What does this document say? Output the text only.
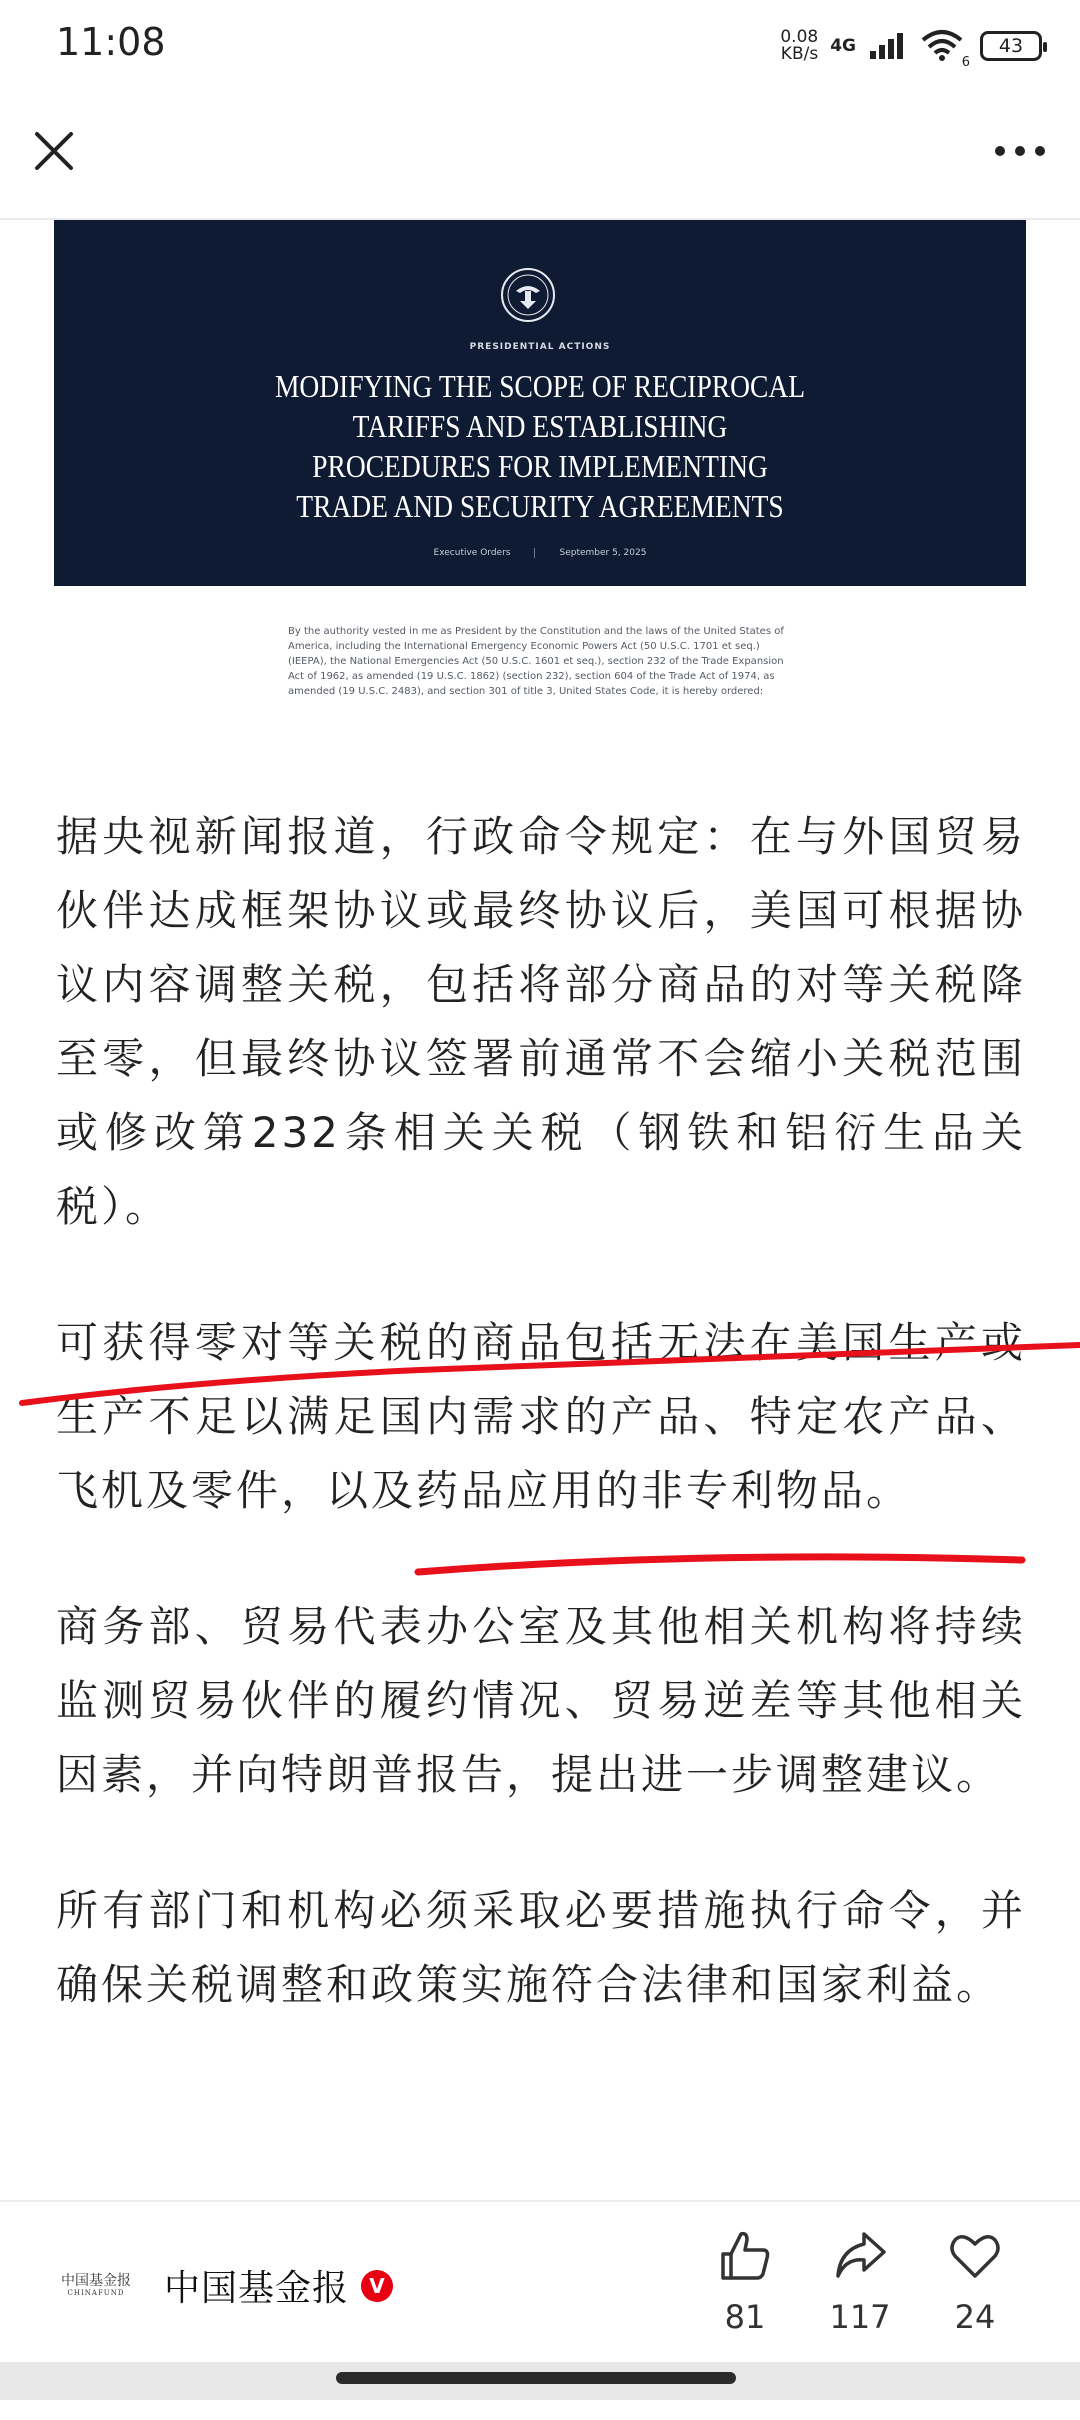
11:08	0.08
KB/s 4G
6
43
PRESIDENTIAL ACTIONS
MODIFYING THE SCOPE OF RECIPROCAL
TARIFFS AND ESTABLISHING
PROCEDURES FOR IMPLEMENTING
TRADE AND SECURITY AGREEMENTS
Executive Orders	September 5, 2025
By the authority vested in me as President by the Constitution and the laws of the United States of America, including the International Emergency Economic Powers Act (50 U.S.C. 1701 et seq.) (IEEPA), the National Emergencies Act (50 U.S.C. 1601 et seq.), section 232 of the Trade Expansion Act of 1962, as amended (19 U.S.C. 1862) (section 232), section 604 of the Trade Act of 1974, as amended (19 U.S.C. 2483), and section 301 of title 3, United States Code, it is hereby ordered:

据央视新闻报道，行政命令规定：在与外国贸易伙伴达成框架协议或最终协议后，美国可根据协议内容调整关税，包括将部分商品的对等关税降至零，但最终协议签署前通常不会缩小关税范围或修改第232条相关关税（钢铁和铝衍生品关税）。

可获得零对等关税的商品包括无法在美国生产或生产不足以满足国内需求的产品、特定农产品、飞机及零件，以及药品应用的非专利物品。

商务部、贸易代表办公室及其他相关机构将持续监测贸易伙伴的履约情况、贸易逆差等其他相关因素，并向特朗普报告，提出进一步调整建议。

所有部门和机构必须采取必要措施执行命令，并确保关税调整和政策实施符合法律和国家利益。

中国基金报
CHINAFUND 中国基金报	V
81	117	24
